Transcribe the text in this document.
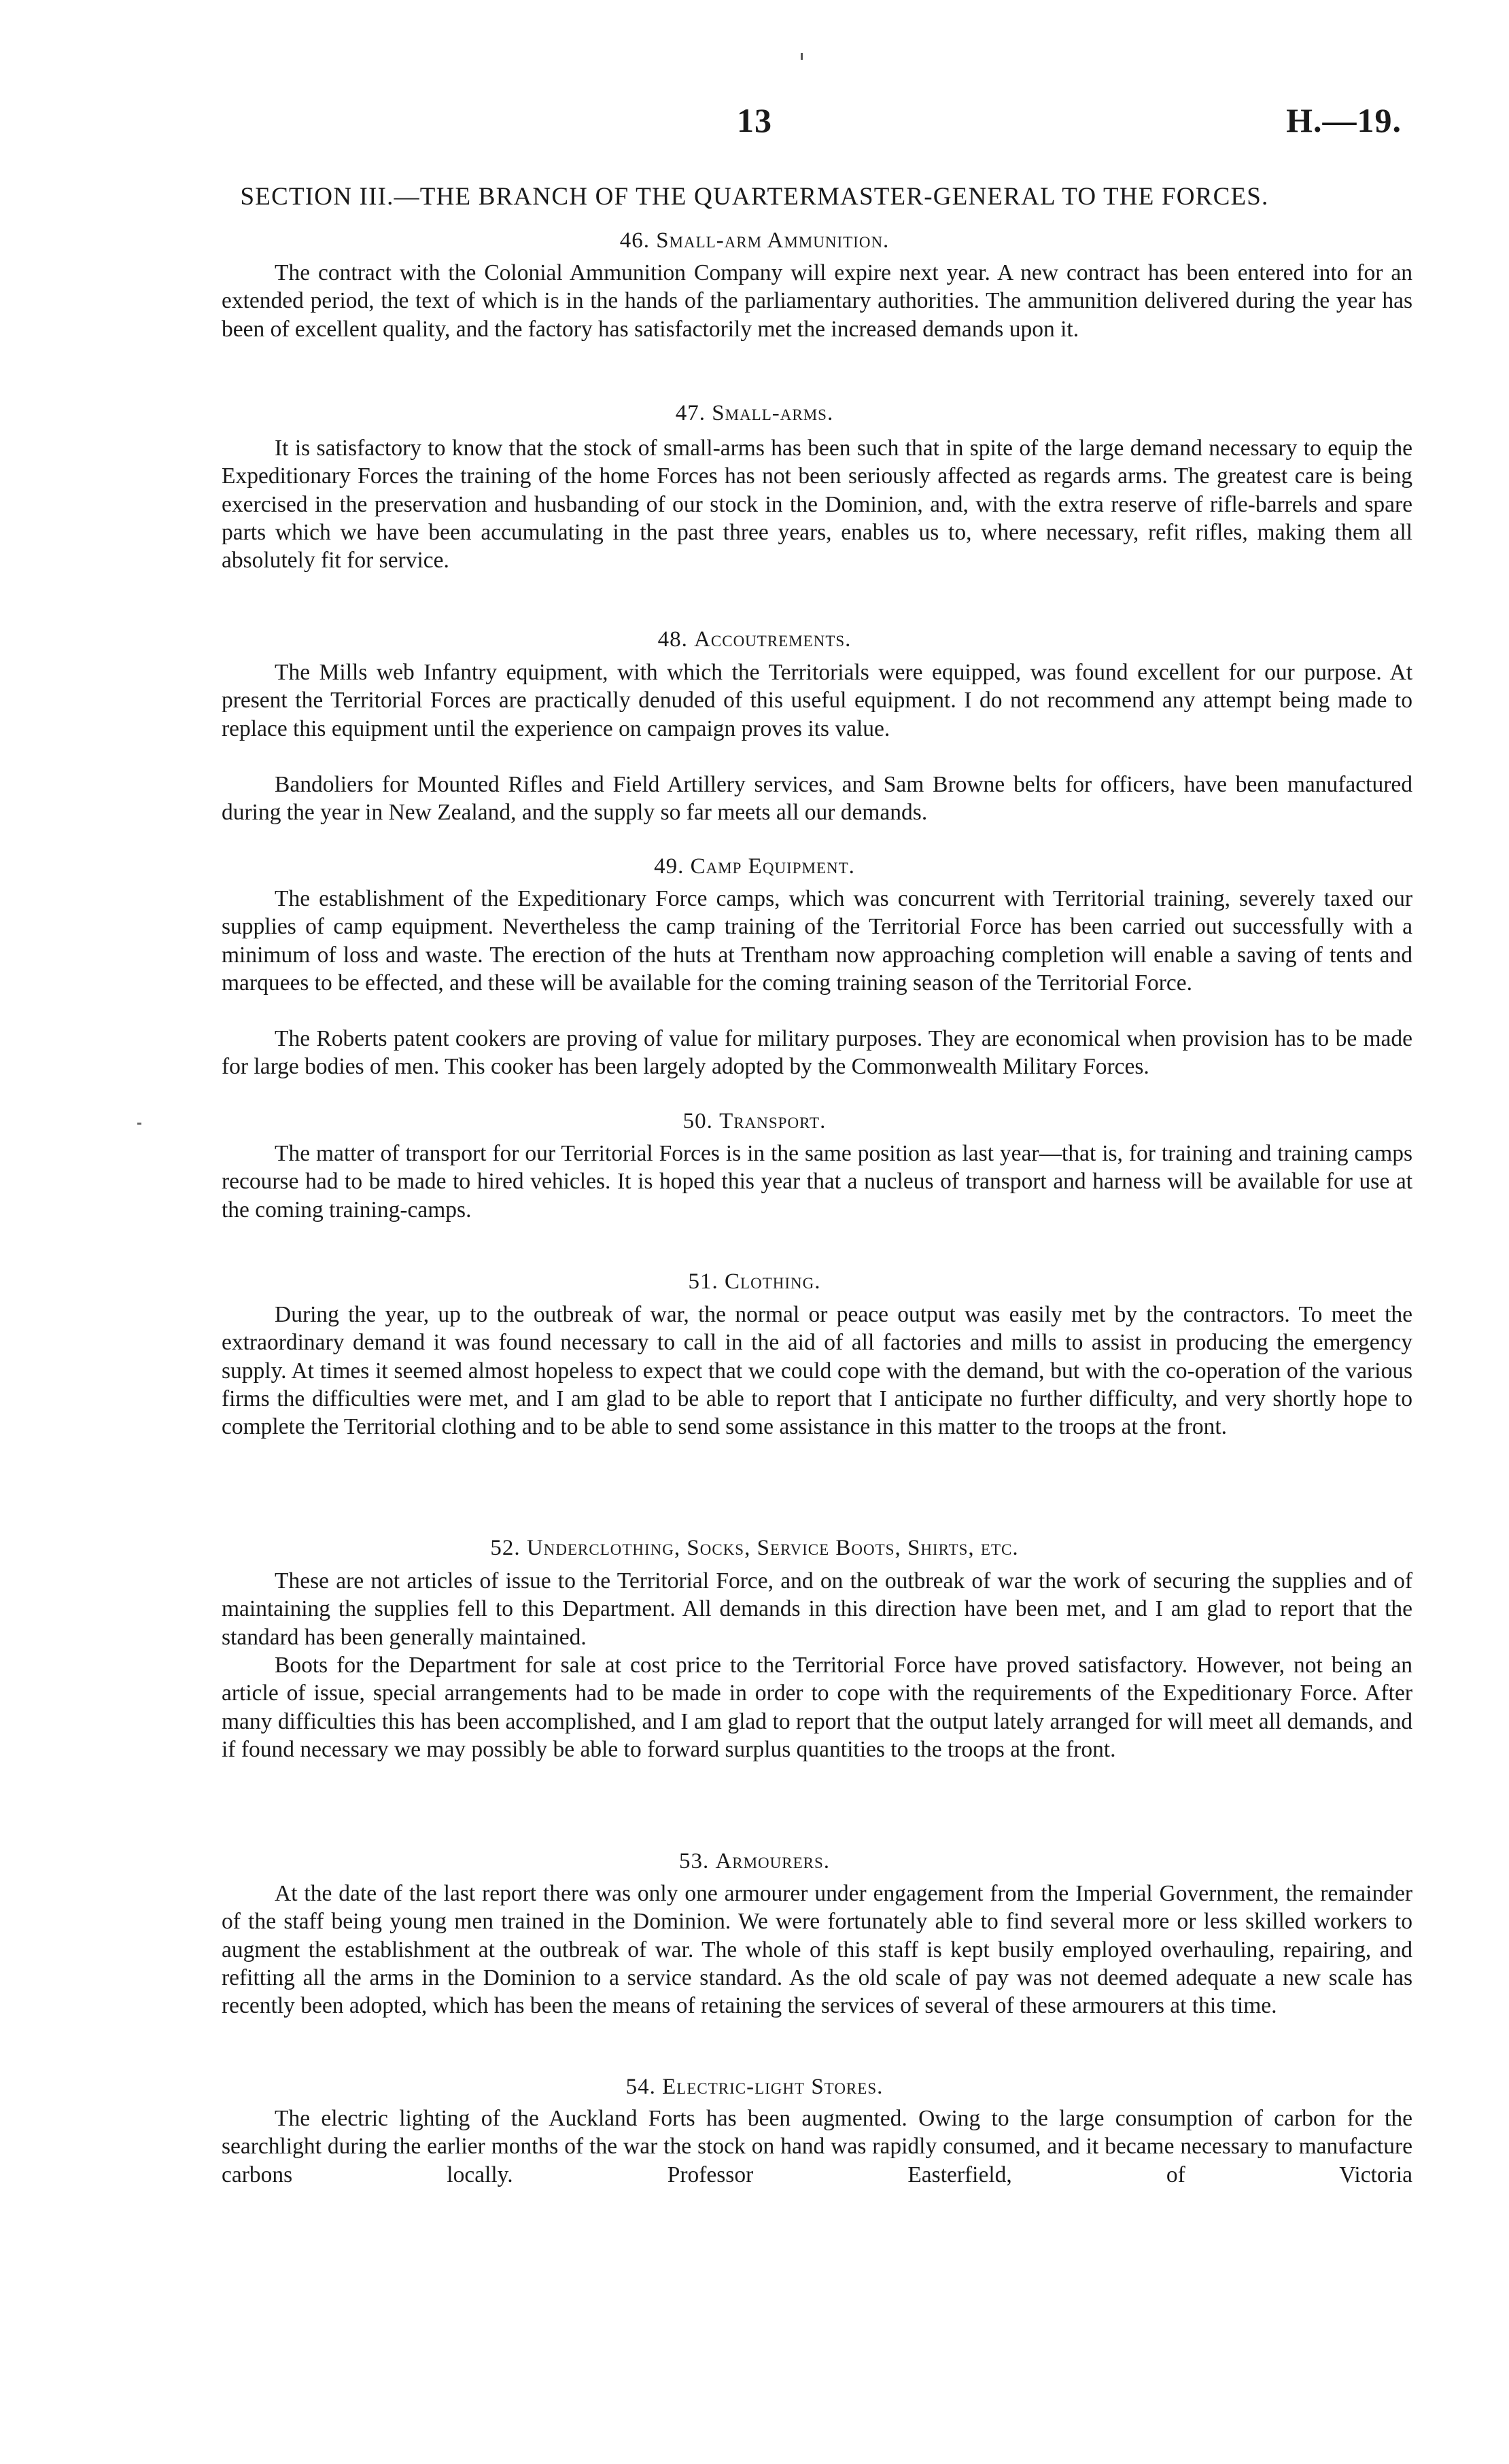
13	H.—19.
SECTION III.—THE BRANCH OF THE QUARTERMASTER-GENERAL TO THE FORCES.
46. Small-arm Ammunition.

The contract with the Colonial Ammunition Company will expire next year. A new contract has been entered into for an extended period, the text of which is in the hands of the parliamentary authorities. The ammunition delivered during the year has been of excellent quality, and the factory has satisfactorily met the increased demands upon it.

47. Small-arms.

It is satisfactory to know that the stock of small-arms has been such that in spite of the large demand necessary to equip the Expeditionary Forces the training of the home Forces has not been seriously affected as regards arms. The greatest care is being exercised in the preservation and husbanding of our stock in the Dominion, and, with the extra reserve of rifle-barrels and spare parts which we have been accumulating in the past three years, enables us to, where necessary, refit rifles, making them all absolutely fit for service.

48. Accoutrements.

The Mills web Infantry equipment, with which the Territorials were equipped, was found excellent for our purpose. At present the Territorial Forces are practically denuded of this useful equipment. I do not recommend any attempt being made to replace this equipment until the experience on campaign proves its value.

Bandoliers for Mounted Rifles and Field Artillery services, and Sam Browne belts for officers, have been manufactured during the year in New Zealand, and the supply so far meets all our demands.

49. Camp Equipment.

The establishment of the Expeditionary Force camps, which was concurrent with Territorial training, severely taxed our supplies of camp equipment. Nevertheless the camp training of the Territorial Force has been carried out successfully with a minimum of loss and waste. The erection of the huts at Trentham now approaching completion will enable a saving of tents and marquees to be effected, and these will be available for the coming training season of the Territorial Force.

The Roberts patent cookers are proving of value for military purposes. They are economical when provision has to be made for large bodies of men. This cooker has been largely adopted by the Commonwealth Military Forces.

50. Transport.

The matter of transport for our Territorial Forces is in the same position as last year—that is, for training and training camps recourse had to be made to hired vehicles. It is hoped this year that a nucleus of transport and harness will be available for use at the coming training-camps.

51. Clothing.

During the year, up to the outbreak of war, the normal or peace output was easily met by the contractors. To meet the extraordinary demand it was found necessary to call in the aid of all factories and mills to assist in producing the emergency supply. At times it seemed almost hopeless to expect that we could cope with the demand, but with the co-operation of the various firms the difficulties were met, and I am glad to be able to report that I anticipate no further difficulty, and very shortly hope to complete the Territorial clothing and to be able to send some assistance in this matter to the troops at the front.

52. Underclothing, Socks, Service Boots, Shirts, etc.

These are not articles of issue to the Territorial Force, and on the outbreak of war the work of securing the supplies and of maintaining the supplies fell to this Department. All demands in this direction have been met, and I am glad to report that the standard has been generally maintained.

Boots for the Department for sale at cost price to the Territorial Force have proved satisfactory. However, not being an article of issue, special arrangements had to be made in order to cope with the requirements of the Expeditionary Force. After many difficulties this has been accomplished, and I am glad to report that the output lately arranged for will meet all demands, and if found necessary we may possibly be able to forward surplus quantities to the troops at the front.

53. Armourers.

At the date of the last report there was only one armourer under engagement from the Imperial Government, the remainder of the staff being young men trained in the Dominion. We were fortunately able to find several more or less skilled workers to augment the establishment at the outbreak of war. The whole of this staff is kept busily employed overhauling, repairing, and refitting all the arms in the Dominion to a service standard. As the old scale of pay was not deemed adequate a new scale has recently been adopted, which has been the means of retaining the services of several of these armourers at this time.

54. Electric-light Stores.

The electric lighting of the Auckland Forts has been augmented. Owing to the large consumption of carbon for the searchlight during the earlier months of the war the stock on hand was rapidly consumed, and it became necessary to manufacture carbons locally. Professor Easterfield, of Victoria
